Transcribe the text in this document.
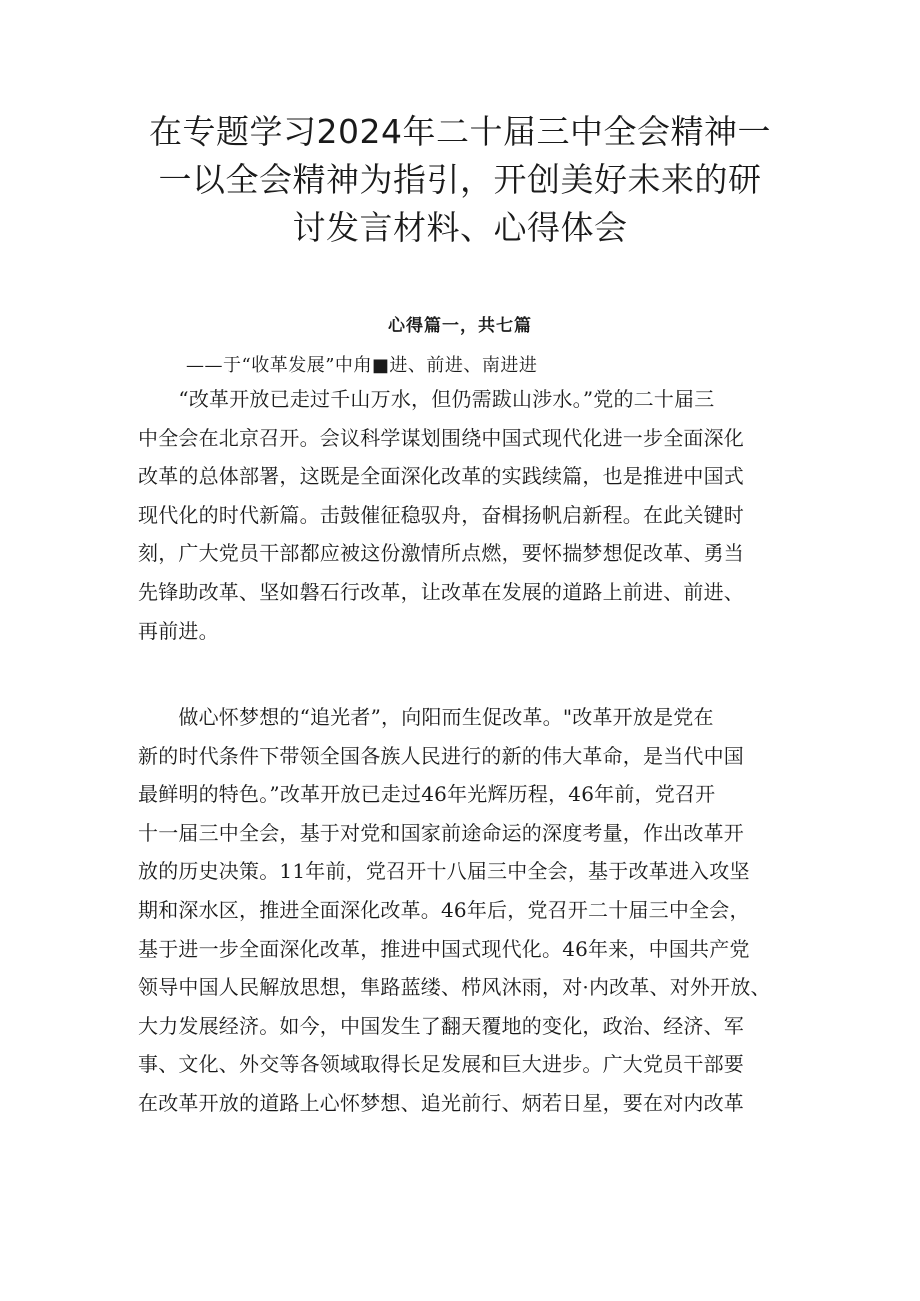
在专题学习2024年二十届三中全会精神一
一以全会精神为指引，开创美好未来的研
讨发言材料、心得体会
心得篇一，共七篇
——于“收革发展”中甪■进、前进、南进进
　　“改革开放已走过千山万水，但仍需跋山涉水。”党的二十届三
中全会在北京召开。会议科学谋划围绕中国式现代化进一步全面深化
改革的总体部署，这既是全面深化改革的实践续篇，也是推进中国式
现代化的时代新篇。击鼓催征稳驭舟，奋楫扬帆启新程。在此关键时
刻，广大党员干部都应被这份激情所点燃，要怀揣梦想促改革、勇当
先锋助改革、坚如磐石行改革，让改革在发展的道路上前进、前进、
再前进。
　　做心怀梦想的“追光者”，向阳而生促改革。"改革开放是党在
新的时代条件下带领全国各族人民进行的新的伟大革命，是当代中国
最鲜明的特色。”改革开放已走过46年光辉历程，46年前，党召开
十一届三中全会，基于对党和国家前途命运的深度考量，作出改革开
放的历史决策。11年前，党召开十八届三中全会，基于改革进入攻坚
期和深水区，推进全面深化改革。46年后，党召开二十届三中全会，
基于进一步全面深化改革，推进中国式现代化。46年来，中国共产党
领导中国人民解放思想，隼路蓝缕、栉风沐雨，对·内改革、对外开放、
大力发展经济。如今，中国发生了翻天覆地的变化，政治、经济、军
事、文化、外交等各领域取得长足发展和巨大进步。广大党员干部要
在改革开放的道路上心怀梦想、追光前行、炳若日星，要在对内改革
